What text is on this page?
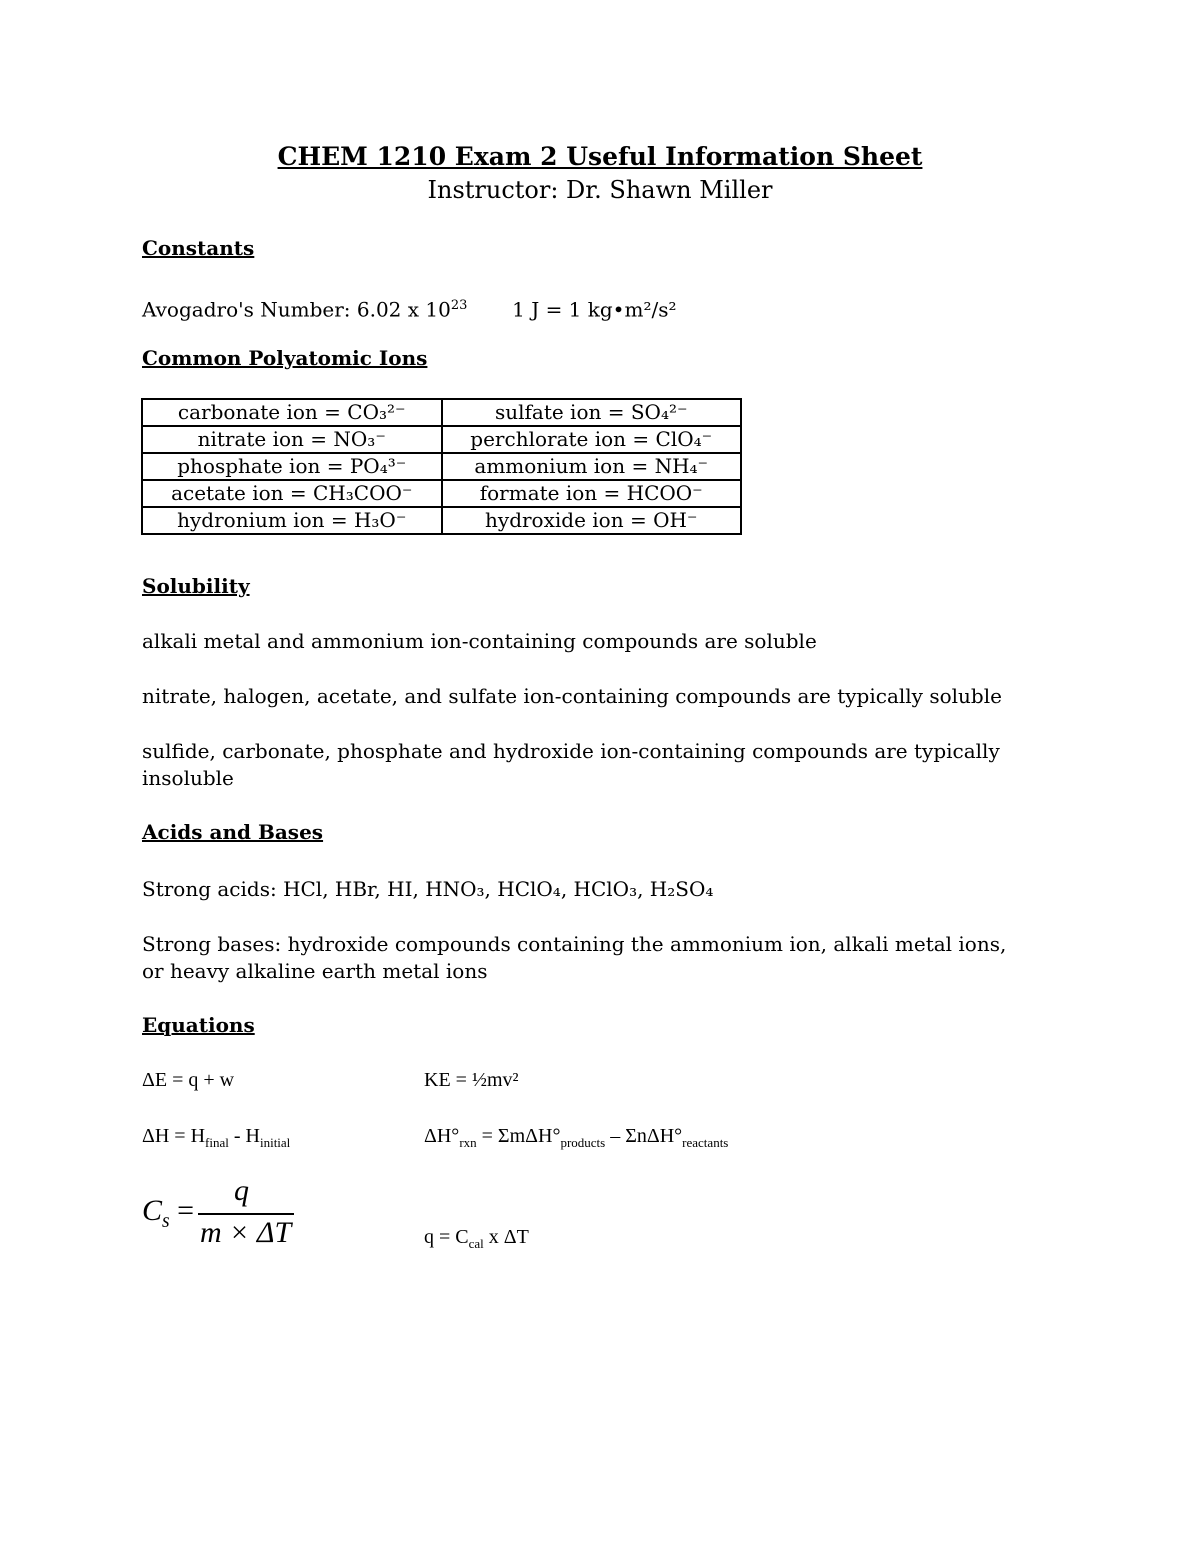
CHEM 1210 Exam 2 Useful Information Sheet
Instructor: Dr. Shawn Miller
Constants
Avogadro's Number: 6.02 x $10^{23}$ 1 J = 1 kg•m²/s²
Common Polyatomic Ions
carbonate ion = CO₃²⁻	sulfate ion = SO₄²⁻
nitrate ion = NO₃⁻	perchlorate ion = ClO₄⁻
phosphate ion = PO₄³⁻	ammonium ion = NH₄⁻
acetate ion = CH₃COO⁻	formate ion = HCOO⁻
hydronium ion = H₃O⁻	hydroxide ion = OH⁻
Solubility
alkali metal and ammonium ion-containing compounds are soluble
nitrate, halogen, acetate, and sulfate ion-containing compounds are typically soluble
sulfide, carbonate, phosphate and hydroxide ion-containing compounds are typically insoluble
Acids and Bases
Strong acids: HCl, HBr, HI, HNO₃, HClO₄, HClO₃, H₂SO₄
Strong bases: hydroxide compounds containing the ammonium ion, alkali metal ions, or heavy alkaline earth metal ions
Equations
ΔE = q + w	KE = ½mv²
$\Delta H = H_{final} - H_{initial}$	$\Delta H^\circ_{rxn} = \Sigma m\Delta H^\circ_{products} - \Sigma n\Delta H^\circ_{reactants}$
$C_s$ =
q
m × ΔT	$q = C_{cal}$ x ΔT
